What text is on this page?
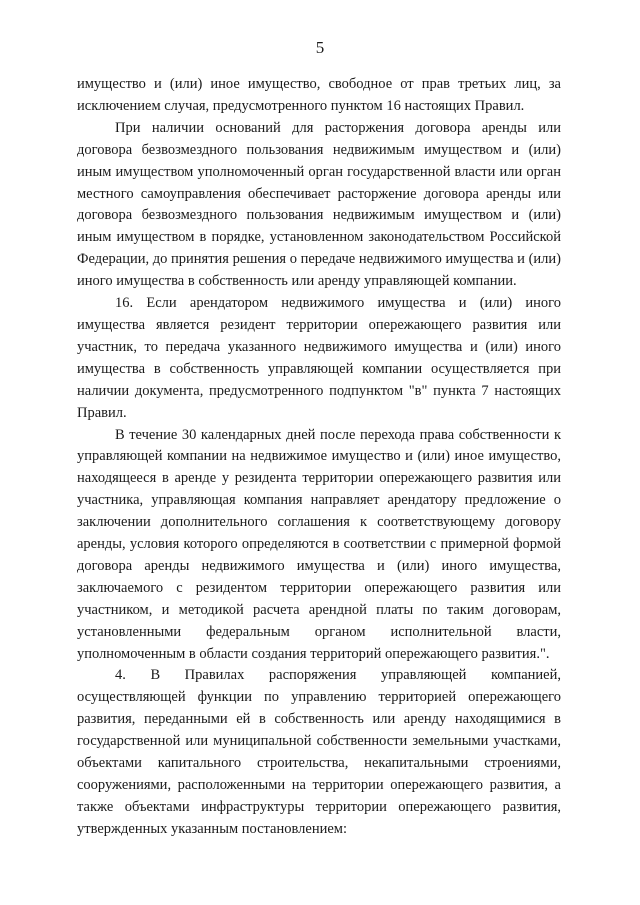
5

имущество и (или) иное имущество, свободное от прав третьих лиц, за исключением случая, предусмотренного пунктом 16 настоящих Правил.

При наличии оснований для расторжения договора аренды или договора безвозмездного пользования недвижимым имуществом и (или) иным имуществом уполномоченный орган государственной власти или орган местного самоуправления обеспечивает расторжение договора аренды или договора безвозмездного пользования недвижимым имуществом и (или) иным имуществом в порядке, установленном законодательством Российской Федерации, до принятия решения о передаче недвижимого имущества и (или) иного имущества в собственность или аренду управляющей компании.

16. Если арендатором недвижимого имущества и (или) иного имущества является резидент территории опережающего развития или участник, то передача указанного недвижимого имущества и (или) иного имущества в собственность управляющей компании осуществляется при наличии документа, предусмотренного подпунктом "в" пункта 7 настоящих Правил.

В течение 30 календарных дней после перехода права собственности к управляющей компании на недвижимое имущество и (или) иное имущество, находящееся в аренде у резидента территории опережающего развития или участника, управляющая компания направляет арендатору предложение о заключении дополнительного соглашения к соответствующему договору аренды, условия которого определяются в соответствии с примерной формой договора аренды недвижимого имущества и (или) иного имущества, заключаемого с резидентом территории опережающего развития или участником, и методикой расчета арендной платы по таким договорам, установленными федеральным органом исполнительной власти, уполномоченным в области создания территорий опережающего развития.".

4. В Правилах распоряжения управляющей компанией, осуществляющей функции по управлению территорией опережающего развития, переданными ей в собственность или аренду находящимися в государственной или муниципальной собственности земельными участками, объектами капитального строительства, некапитальными строениями, сооружениями, расположенными на территории опережающего развития, а также объектами инфраструктуры территории опережающего развития, утвержденных указанным постановлением:
